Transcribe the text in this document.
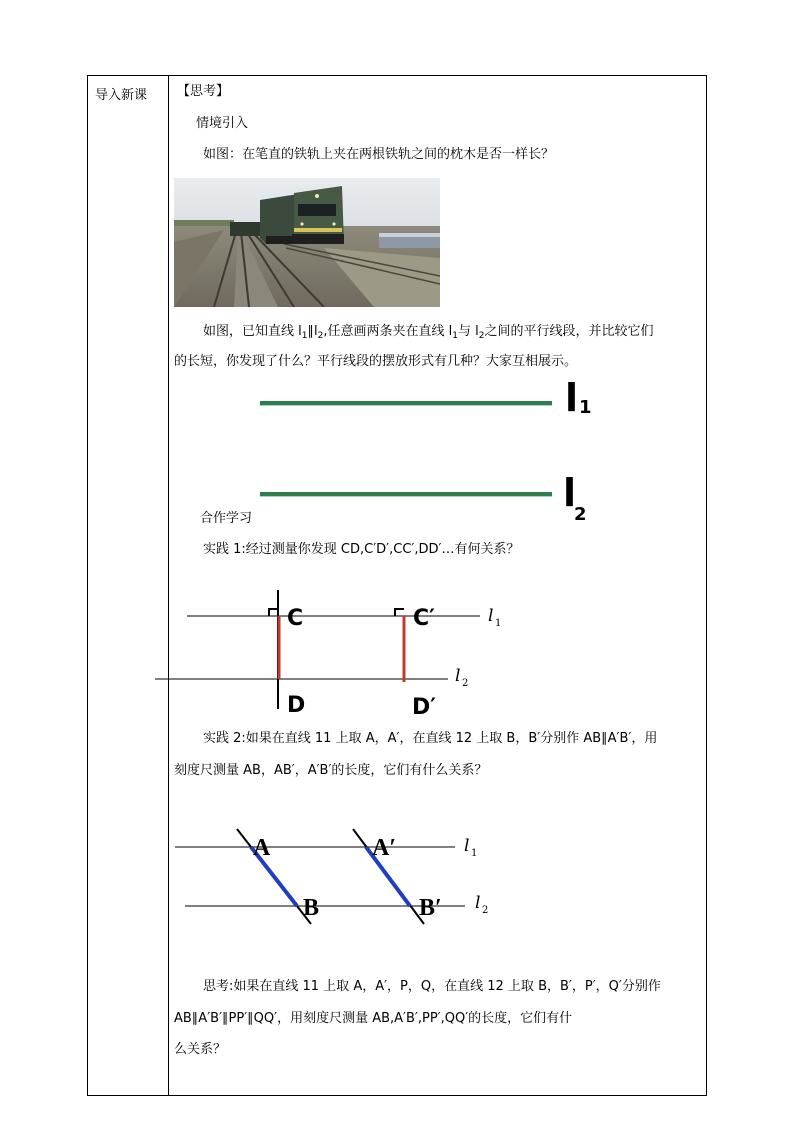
导入新课 【思考】
情境引入
如图：在笔直的铁轨上夹在两根铁轨之间的枕木是否一样长？
如图，已知直线 $l_1\parallel l_2$,任意画两条夹在直线 $l_1$与 $l_2$之间的平行线段，并比较它们
的长短，你发现了什么？平行线段的摆放形式有几种？大家互相展示。
l 1
l
2
合作学习
实践 1:经过测量你发现 CD,C′D′,CC′,DD′…有何关系？
C	C′
D	D′
l 1
l 2
实践 2:如果在直线 11 上取 A，A′，在直线 12 上取 B，B′分别作 AB∥A′B′，用
刻度尺测量 AB，AB′，A′B′的长度，它们有什么关系？
A	A′
B	B′
l 1
l 2
思考:如果在直线 11 上取 A，A′，P，Q，在直线 12 上取 B，B′，P′，Q′分别作
AB∥A′B′∥PP′∥QQ′，用刻度尺测量 AB,A′B′,PP′,QQ′的长度，它们有什
么关系？
